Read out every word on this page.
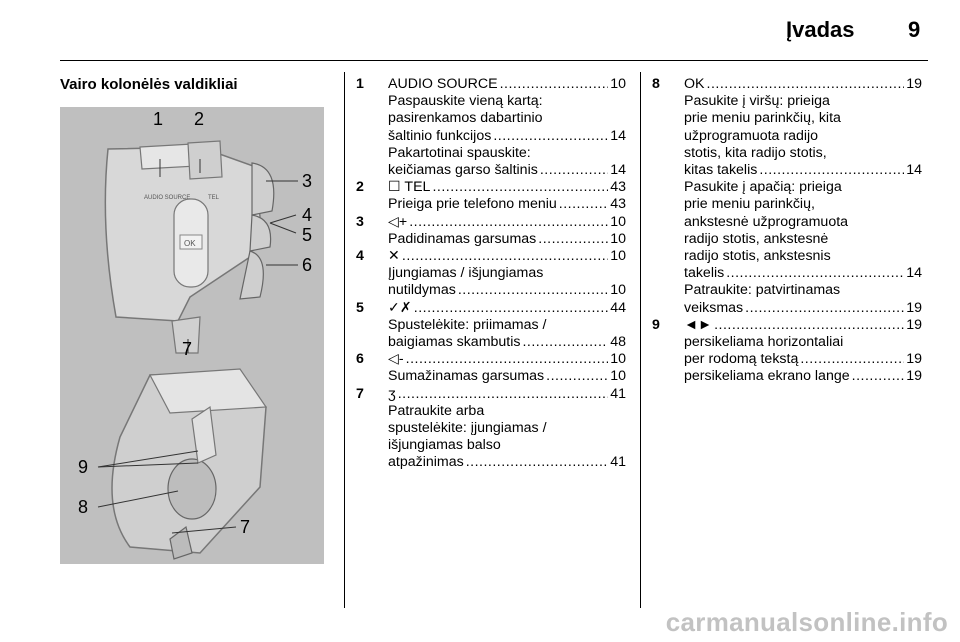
Įvadas 9
Vairo kolonėlės valdikliai
OK
AUDIO SOURCE	TEL
1 2
3
4
5
6
7
9
8
7
1 AUDIO SOURCE .....	10
Paspauskite vieną kartą:
pasirenkamos dabartinio
šaltinio funkcijos .....	14
Pakartotinai spauskite:
keičiamas garso šaltinis .....	14
2 ☐ TEL .....	43
Prieiga prie telefono meniu .....	43
3 ◁+ .....	10
Padidinamas garsumas .....	10
4 ✕ .....	10
Įjungiamas / išjungiamas
nutildymas .....	10
5 ✓✗ .....	44
Spustelėkite: priimamas /
baigiamas skambutis .....	48
6 ◁- .....	10
Sumažinamas garsumas .....	10
7 ʒ .....	41
Patraukite arba
spustelėkite: įjungiamas /
išjungiamas balso
atpažinimas .....	41
8 OK .....	19
Pasukite į viršų: prieiga
prie meniu parinkčių, kita
užprogramuota radijo
stotis, kita radijo stotis,
kitas takelis .....	14
Pasukite į apačią: prieiga
prie meniu parinkčių,
ankstesnė užprogramuota
radijo stotis, ankstesnė
radijo stotis, ankstesnis
takelis .....	14
Patraukite: patvirtinamas
veiksmas .....	19
9 ◄► .....	19
persikeliama horizontaliai
per rodomą tekstą .....	19
persikeliama ekrano lange .....	19
carmanualsonline.info
